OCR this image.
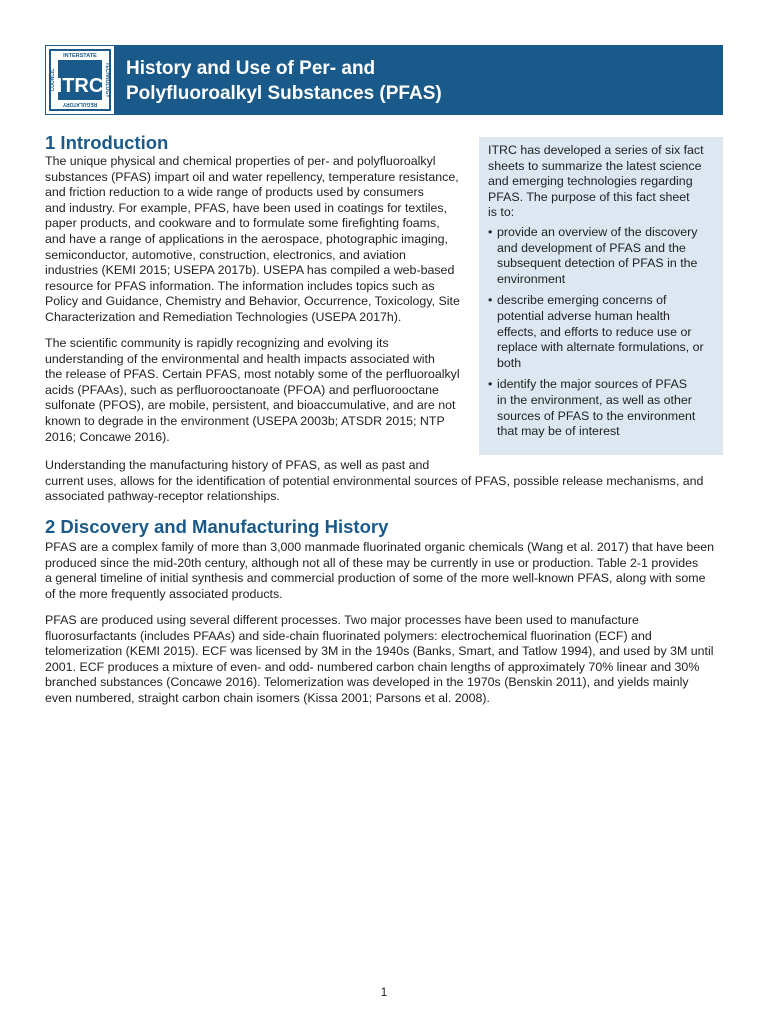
ITRC
INTERSTATE
REGULATORY
TECHNOLOGY
COUNCIL
History and Use of Per- and
Polyfluoroalkyl Substances (PFAS)
1 Introduction

The unique physical and chemical properties of per- and polyfluoroalkyl
substances (PFAS) impart oil and water repellency, temperature resistance,
and friction reduction to a wide range of products used by consumers
and industry. For example, PFAS, have been used in coatings for textiles,
paper products, and cookware and to formulate some firefighting foams,
and have a range of applications in the aerospace, photographic imaging,
semiconductor, automotive, construction, electronics, and aviation
industries (KEMI 2015; USEPA 2017b). USEPA has compiled a web-based
resource for PFAS information. The information includes topics such as
Policy and Guidance, Chemistry and Behavior, Occurrence, Toxicology, Site
Characterization and Remediation Technologies (USEPA 2017h).

The scientific community is rapidly recognizing and evolving its
understanding of the environmental and health impacts associated with
the release of PFAS. Certain PFAS, most notably some of the perfluoroalkyl
acids (PFAAs), such as perfluorooctanoate (PFOA) and perfluorooctane
sulfonate (PFOS), are mobile, persistent, and bioaccumulative, and are not
known to degrade in the environment (USEPA 2003b; ATSDR 2015; NTP
2016; Concawe 2016).

ITRC has developed a series of six fact
sheets to summarize the latest science
and emerging technologies regarding
PFAS. The purpose of this fact sheet
is to:

• provide an overview of the discovery
and development of PFAS and the
subsequent detection of PFAS in the
environment
• describe emerging concerns of
potential adverse human health
effects, and efforts to reduce use or
replace with alternate formulations, or
both
• identify the major sources of PFAS
in the environment, as well as other
sources of PFAS to the environment
that may be of interest

Understanding the manufacturing history of PFAS, as well as past and
current uses, allows for the identification of potential environmental sources of PFAS, possible release mechanisms, and
associated pathway-receptor relationships.

2 Discovery and Manufacturing History

PFAS are a complex family of more than 3,000 manmade fluorinated organic chemicals (Wang et al. 2017) that have been
produced since the mid-20th century, although not all of these may be currently in use or production. Table 2-1 provides
a general timeline of initial synthesis and commercial production of some of the more well-known PFAS, along with some
of the more frequently associated products.

PFAS are produced using several different processes. Two major processes have been used to manufacture
fluorosurfactants (includes PFAAs) and side-chain fluorinated polymers: electrochemical fluorination (ECF) and
telomerization (KEMI 2015). ECF was licensed by 3M in the 1940s (Banks, Smart, and Tatlow 1994), and used by 3M until
2001. ECF produces a mixture of even- and odd- numbered carbon chain lengths of approximately 70% linear and 30%
branched substances (Concawe 2016). Telomerization was developed in the 1970s (Benskin 2011), and yields mainly
even numbered, straight carbon chain isomers (Kissa 2001; Parsons et al. 2008).

1
